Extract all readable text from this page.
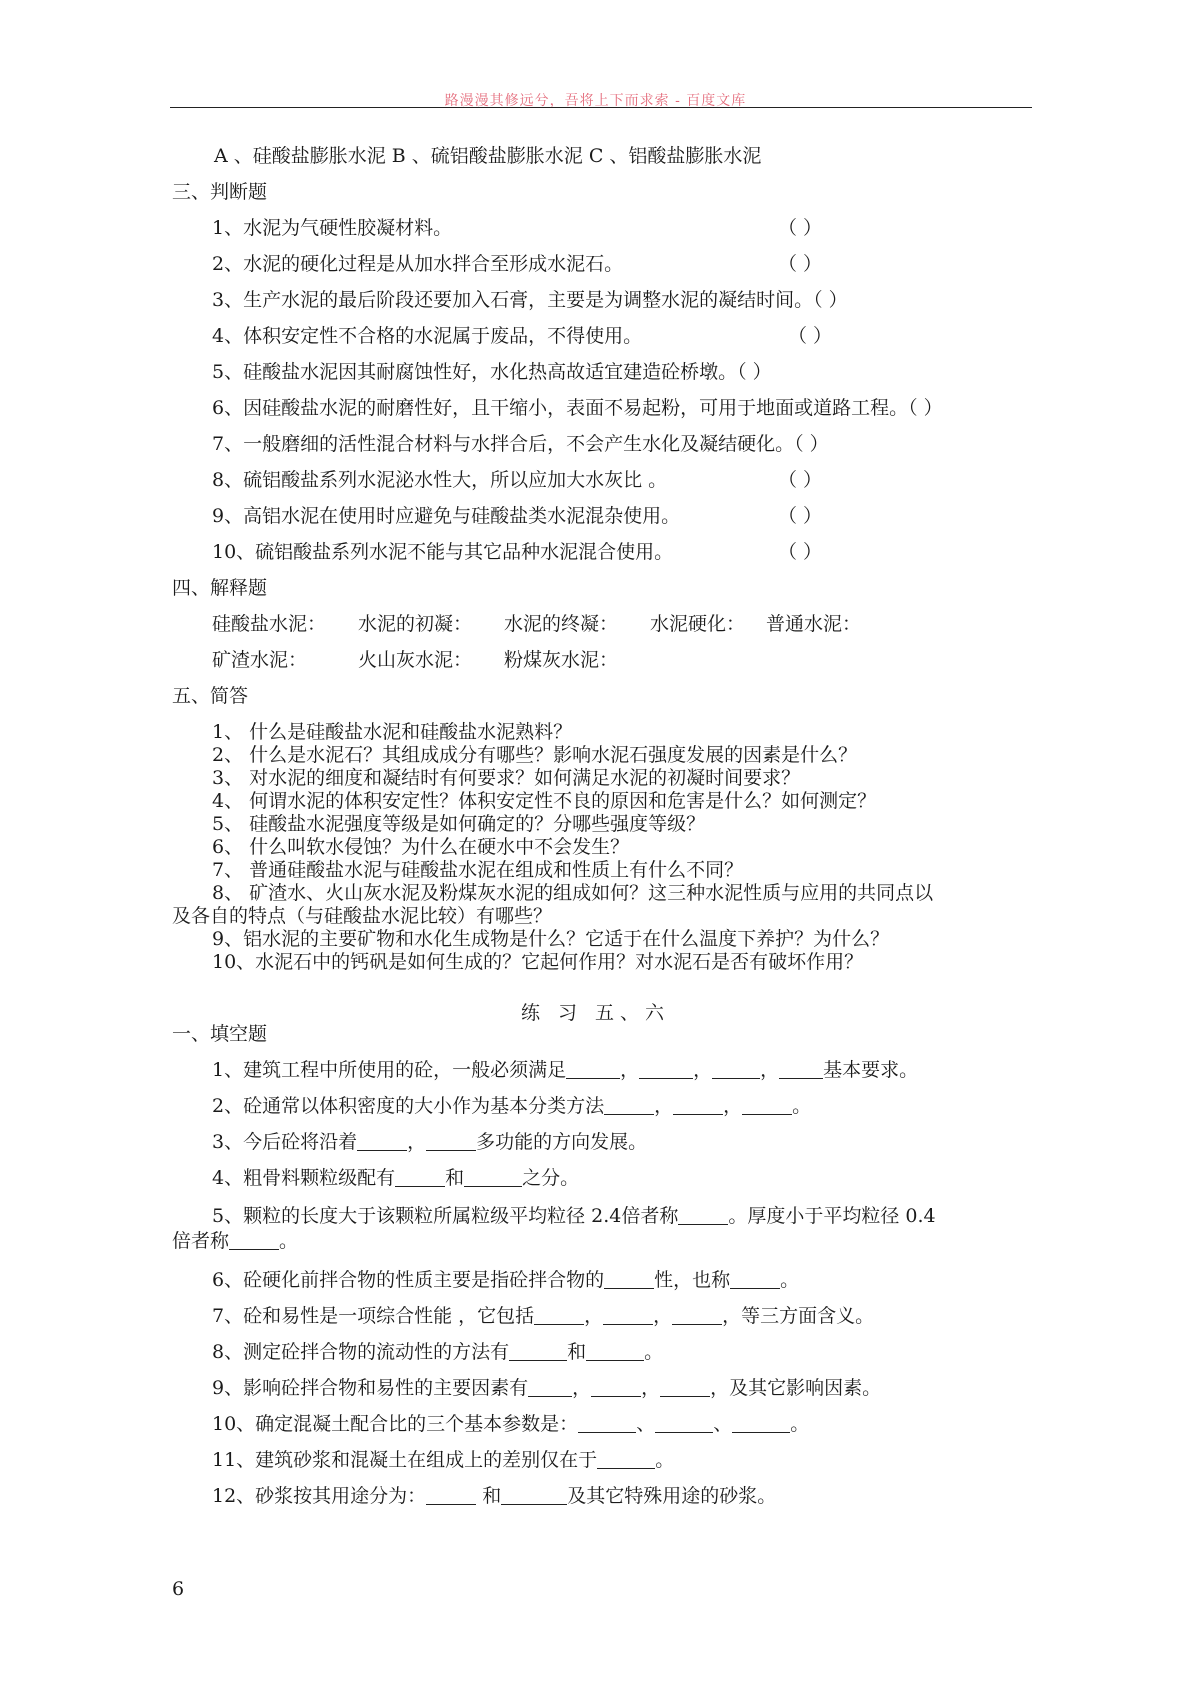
路漫漫其修远兮，吾将上下而求索 - 百度文库
A 、硅酸盐膨胀水泥 B 、硫铝酸盐膨胀水泥 C 、铝酸盐膨胀水泥
三、判断题
1、水泥为气硬性胶凝材料。	（ ）
2、水泥的硬化过程是从加水拌合至形成水泥石。	（ ）
3、生产水泥的最后阶段还要加入石膏，主要是为调整水泥的凝结时间。（ ）
4、体积安定性不合格的水泥属于废品，不得使用。	（ ）
5、硅酸盐水泥因其耐腐蚀性好，水化热高故适宜建造砼桥墩。（ ）
6、因硅酸盐水泥的耐磨性好，且干缩小，表面不易起粉，可用于地面或道路工程。（ ）
7、一般磨细的活性混合材料与水拌合后，不会产生水化及凝结硬化。（ ）
8、硫铝酸盐系列水泥泌水性大，所以应加大水灰比 。	（ ）
9、高铝水泥在使用时应避免与硅酸盐类水泥混杂使用。	（ ）
10、硫铝酸盐系列水泥不能与其它品种水泥混合使用。	（ ）
四、解释题
硅酸盐水泥： 水泥的初凝： 水泥的终凝： 水泥硬化： 普通水泥：
矿渣水泥：	火山灰水泥： 粉煤灰水泥：
五、简答
1、 什么是硅酸盐水泥和硅酸盐水泥熟料？
2、 什么是水泥石？其组成成分有哪些？影响水泥石强度发展的因素是什么？
3、 对水泥的细度和凝结时有何要求？如何满足水泥的初凝时间要求？
4、 何谓水泥的体积安定性？体积安定性不良的原因和危害是什么？如何测定？
5、 硅酸盐水泥强度等级是如何确定的？分哪些强度等级？
6、 什么叫软水侵蚀？为什么在硬水中不会发生？
7、 普通硅酸盐水泥与硅酸盐水泥在组成和性质上有什么不同？
8、 矿渣水、火山灰水泥及粉煤灰水泥的组成如何？这三种水泥性质与应用的共同点以
及各自的特点（与硅酸盐水泥比较）有哪些？
9、铝水泥的主要矿物和水化生成物是什么？它适于在什么温度下养护？为什么？
10、水泥石中的钙矾是如何生成的？它起何作用？对水泥石是否有破坏作用？
练 习 五、六
一、填空题
1、建筑工程中所使用的砼，一般必须满足	，	，	， 基本要求。
2、砼通常以体积密度的大小作为基本分类方法	，	，	。
3、今后砼将沿着	，	多功能的方向发展。
4、粗骨料颗粒级配有	和	之分。
5、颗粒的长度大于该颗粒所属粒级平均粒径 2.4倍者称	。厚度小于平均粒径 0.4
倍者称	。
6、砼硬化前拌合物的性质主要是指砼拌合物的	性，也称	。
7、砼和易性是一项综合性能 ，它包括	，	，	，等三方面含义。
8、测定砼拌合物的流动性的方法有	和	。
9、影响砼拌合物和易性的主要因素有 ，	，	，及其它影响因素。
10、确定混凝土配合比的三个基本参数是：	、	、	。
11、建筑砂浆和混凝土在组成上的差别仅在于	。
12、砂浆按其用途分为：	和	及其它特殊用途的砂浆。
6
